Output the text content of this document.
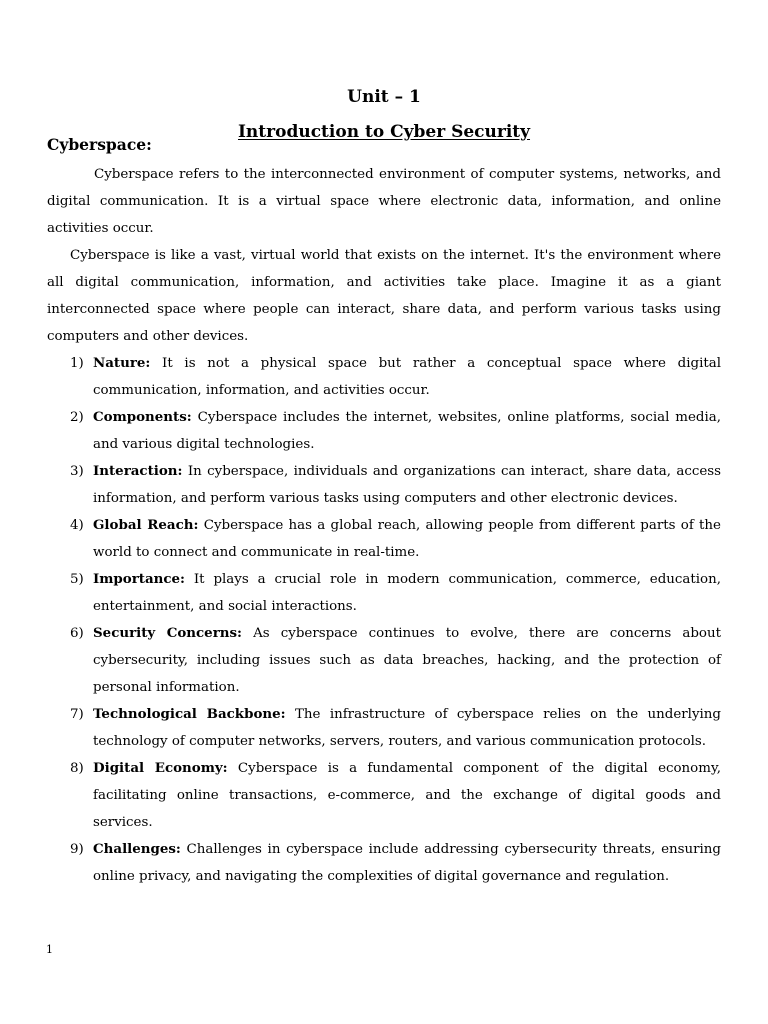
Unit – 1
Introduction to Cyber Security
Cyberspace:

Cyberspace refers to the interconnected environment of computer systems, networks, and digital communication. It is a virtual space where electronic data, information, and online activities occur.

Cyberspace is like a vast, virtual world that exists on the internet. It's the environment where all digital communication, information, and activities take place. Imagine it as a giant interconnected space where people can interact, share data, and perform various tasks using computers and other devices.

1) Nature: It is not a physical space but rather a conceptual space where digital communication, information, and activities occur.
2) Components: Cyberspace includes the internet, websites, online platforms, social media, and various digital technologies.
3) Interaction: In cyberspace, individuals and organizations can interact, share data, access information, and perform various tasks using computers and other electronic devices.
4) Global Reach: Cyberspace has a global reach, allowing people from different parts of the world to connect and communicate in real-time.
5) Importance: It plays a crucial role in modern communication, commerce, education, entertainment, and social interactions.
6) Security Concerns: As cyberspace continues to evolve, there are concerns about cybersecurity, including issues such as data breaches, hacking, and the protection of personal information.
7) Technological Backbone: The infrastructure of cyberspace relies on the underlying technology of computer networks, servers, routers, and various communication protocols.
8) Digital Economy: Cyberspace is a fundamental component of the digital economy, facilitating online transactions, e-commerce, and the exchange of digital goods and services.
9) Challenges: Challenges in cyberspace include addressing cybersecurity threats, ensuring online privacy, and navigating the complexities of digital governance and regulation.
1
